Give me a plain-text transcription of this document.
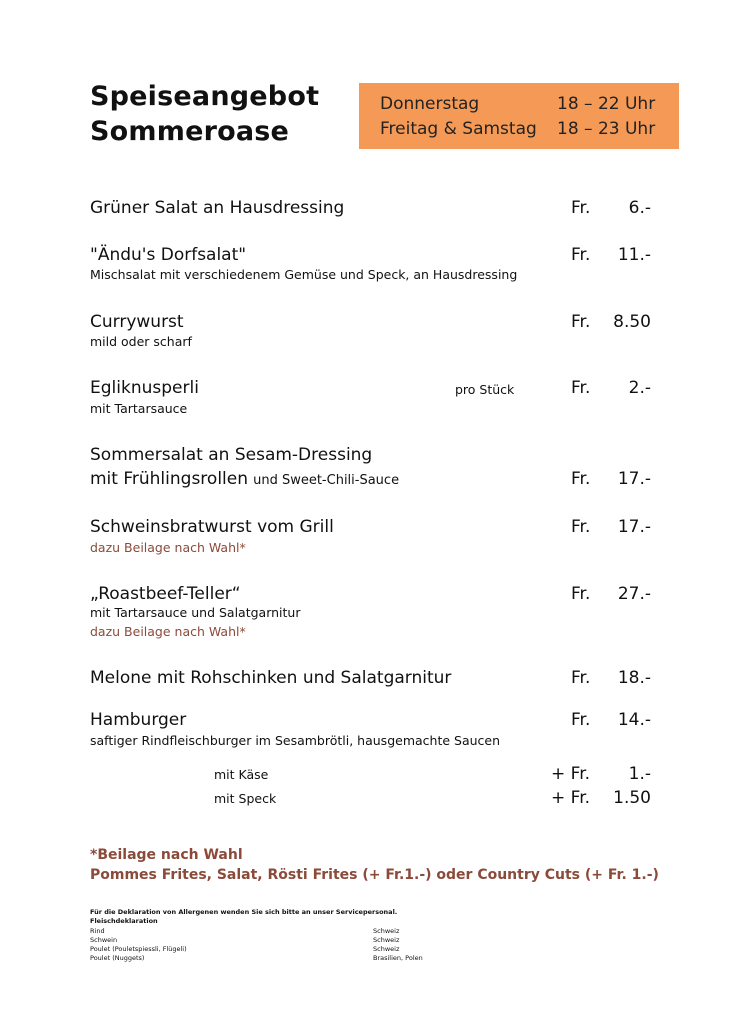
Speiseangebot
Sommeroase
Donnerstag	18 – 22 Uhr
Freitag & Samstag 18 – 23 Uhr
Grüner Salat an Hausdressing	Fr.	6.-
"Ändu's Dorfsalat"
Mischsalat mit verschiedenem Gemüse und Speck, an Hausdressing
Fr.	11.-
Currywurst
mild oder scharf
Fr.	8.50
Egliknusperli	pro Stück
mit Tartarsauce
Fr.	2.-
Sommersalat an Sesam-Dressing
mit Frühlingsrollen und Sweet-Chili-Sauce	Fr.	17.-
Schweinsbratwurst vom Grill
dazu Beilage nach Wahl*
Fr.	17.-
„Roastbeef-Teller“
mit Tartarsauce und Salatgarnitur
dazu Beilage nach Wahl*
Fr.	27.-
Melone mit Rohschinken und Salatgarnitur	Fr.	18.-
Hamburger
saftiger Rindfleischburger im Sesambrötli, hausgemachte Saucen
Fr.	14.-
mit Käse	+ Fr.	1.-
mit Speck	+ Fr.	1.50
*Beilage nach Wahl
Pommes Frites, Salat, Rösti Frites (+ Fr.1.-) oder Country Cuts (+ Fr. 1.-)
Für die Deklaration von Allergenen wenden Sie sich bitte an unser Servicepersonal.
Fleischdeklaration
Rind	Schweiz
Schwein	Schweiz
Poulet (Pouletspiessli, Flügeli)	Schweiz
Poulet (Nuggets)	Brasilien, Polen
